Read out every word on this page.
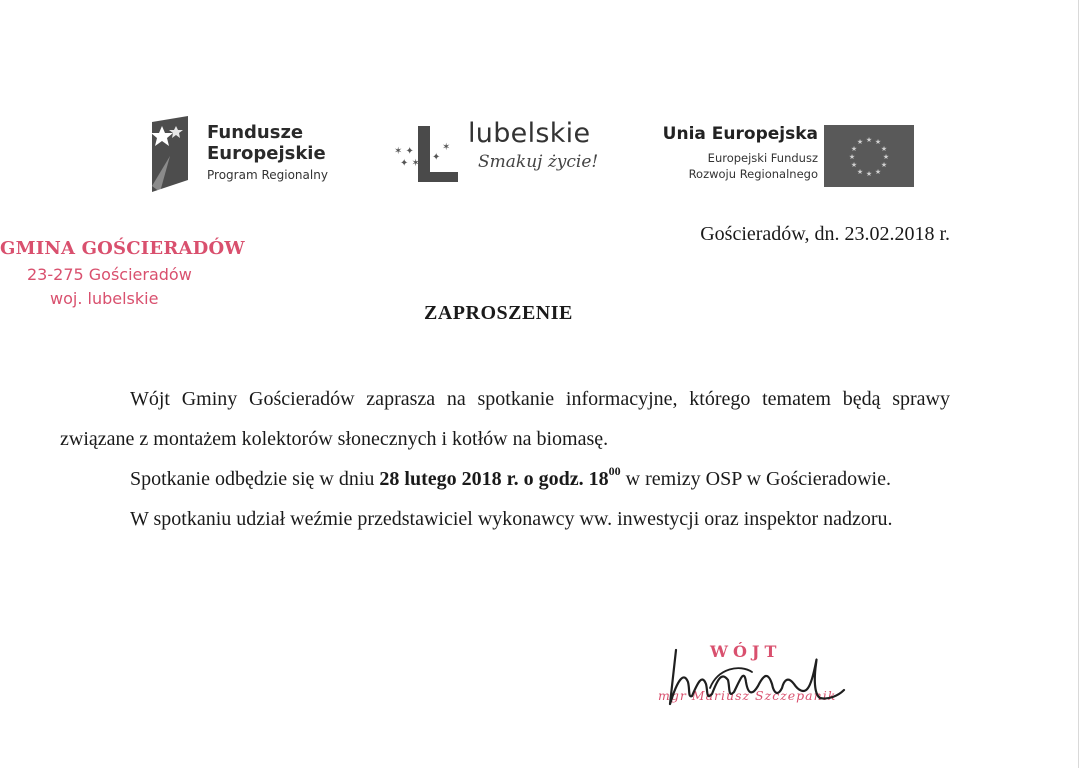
Fundusze
Europejskie
Program Regionalny
✶ ✦
✦ ✶
✦
✶ lubelskie
Smakuj życie!
Unia Europejska
Europejski Fundusz
Rozwoju Regionalnego
★ ★
★
★
★
★
★
★
★
★
★
★
GMINA GOŚCIERADÓW
23-275 Gościeradów
woj. lubelskie
Gościeradów, dn. 23.02.2018 r.
ZAPROSZENIE

Wójt Gminy Gościeradów zaprasza na spotkanie informacyjne, którego tematem będą sprawy związane z montażem kolektorów słonecznych i kotłów na biomasę.

Spotkanie odbędzie się w dniu 28 lutego 2018 r. o godz. $18^{00}$ w remizy OSP w Gościeradowie.

W spotkaniu udział weźmie przedstawiciel wykonawcy ww. inwestycji oraz inspektor nadzoru.

WÓJT
mgr Mariusz Szczepanik
